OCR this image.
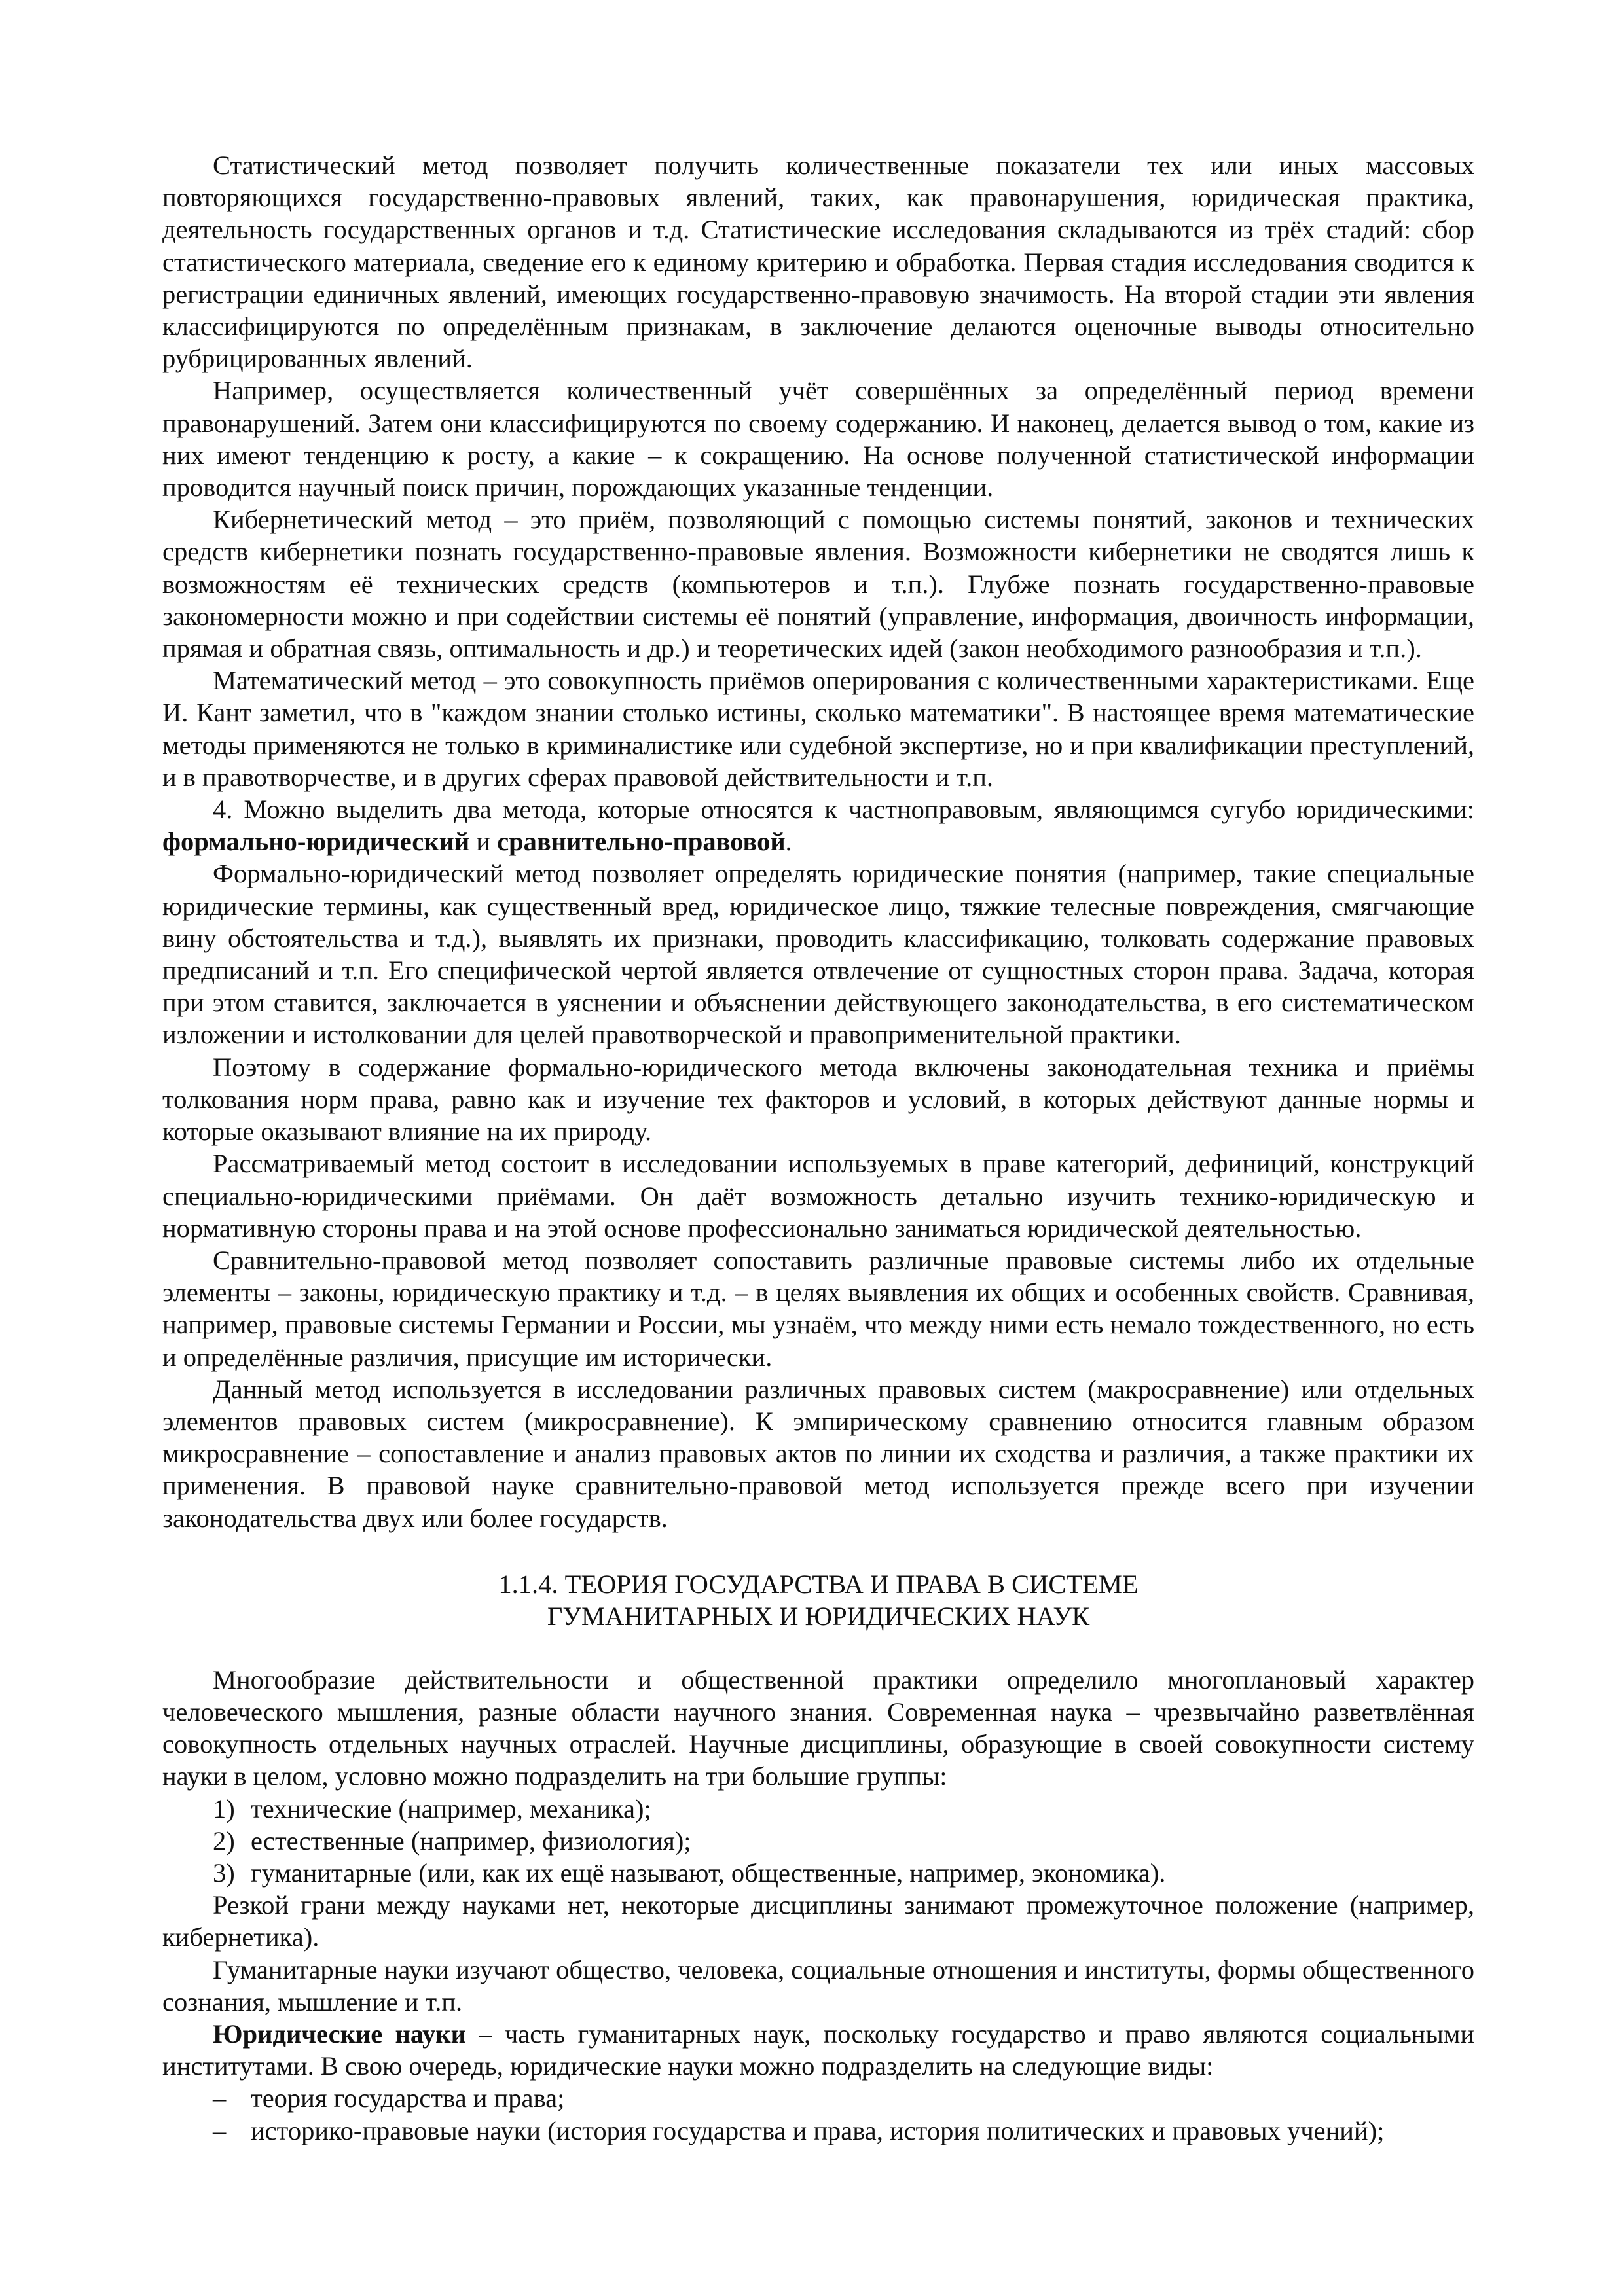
Статистический метод позволяет получить количественные показатели тех или иных массовых повторяющихся государственно-правовых явлений, таких, как правонарушения, юридическая практика, деятельность государственных органов и т.д. Статистические исследования складываются из трёх стадий: сбор статистического материала, сведение его к единому критерию и обработка. Первая стадия исследования сводится к регистрации единичных явлений, имеющих государственно-правовую значимость. На второй стадии эти явления классифицируются по определённым признакам, в заключение делаются оценочные выводы относительно рубрицированных явлений.

Например, осуществляется количественный учёт совершённых за определённый период времени правонарушений. Затем они классифицируются по своему содержанию. И наконец, делается вывод о том, какие из них имеют тенденцию к росту, а какие – к сокращению. На основе полученной статистической информации проводится научный поиск причин, порождающих указанные тенденции.

Кибернетический метод – это приём, позволяющий с помощью системы понятий, законов и технических средств кибернетики познать государственно-правовые явления. Возможности кибернетики не сводятся лишь к возможностям её технических средств (компьютеров и т.п.). Глубже познать государственно-правовые закономерности можно и при содействии системы её понятий (управление, информация, двоичность информации, прямая и обратная связь, оптимальность и др.) и теоретических идей (закон необходимого разнообразия и т.п.).

Математический метод – это совокупность приёмов оперирования с количественными характеристиками. Еще И. Кант заметил, что в "каждом знании столько истины, сколько математики". В настоящее время математические методы применяются не только в криминалистике или судебной экспертизе, но и при квалификации преступлений, и в правотворчестве, и в других сферах правовой действительности и т.п.

4. Можно выделить два метода, которые относятся к частноправовым, являющимся сугубо юридическими: формально-юридический и сравнительно-правовой.

Формально-юридический метод позволяет определять юридические понятия (например, такие специальные юридические термины, как существенный вред, юридическое лицо, тяжкие телесные повреждения, смягчающие вину обстоятельства и т.д.), выявлять их признаки, проводить классификацию, толковать содержание правовых предписаний и т.п. Его специфической чертой является отвлечение от сущностных сторон права. Задача, которая при этом ставится, заключается в уяснении и объяснении действующего законодательства, в его систематическом изложении и истолковании для целей правотворческой и правоприменительной практики.

Поэтому в содержание формально-юридического метода включены законодательная техника и приёмы толкования норм права, равно как и изучение тех факторов и условий, в которых действуют данные нормы и которые оказывают влияние на их природу.

Рассматриваемый метод состоит в исследовании используемых в праве категорий, дефиниций, конструкций специально-юридическими приёмами. Он даёт возможность детально изучить технико-юридическую и нормативную стороны права и на этой основе профессионально заниматься юридической деятельностью.

Сравнительно-правовой метод позволяет сопоставить различные правовые системы либо их отдельные элементы – законы, юридическую практику и т.д. – в целях выявления их общих и особенных свойств. Сравнивая, например, правовые системы Германии и России, мы узнаём, что между ними есть немало тождественного, но есть и определённые различия, присущие им исторически.

Данный метод используется в исследовании различных правовых систем (макросравнение) или отдельных элементов правовых систем (микросравнение). К эмпирическому сравнению относится главным образом микросравнение – сопоставление и анализ правовых актов по линии их сходства и различия, а также практики их применения. В правовой науке сравнительно-правовой метод используется прежде всего при изучении законодательства двух или более государств.

1.1.4. ТЕОРИЯ ГОСУДАРСТВА И ПРАВА В СИСТЕМЕ
ГУМАНИТАРНЫХ И ЮРИДИЧЕСКИХ НАУК

Многообразие действительности и общественной практики определило многоплановый характер человеческого мышления, разные области научного знания. Современная наука – чрезвычайно разветвлённая совокупность отдельных научных отраслей. Научные дисциплины, образующие в своей совокупности систему науки в целом, условно можно подразделить на три большие группы:

1) технические (например, механика);
2) естественные (например, физиология);
3) гуманитарные (или, как их ещё называют, общественные, например, экономика).

Резкой грани между науками нет, некоторые дисциплины занимают промежуточное положение (например, кибернетика).

Гуманитарные науки изучают общество, человека, социальные отношения и институты, формы общественного сознания, мышление и т.п.

Юридические науки – часть гуманитарных наук, поскольку государство и право являются социальными институтами. В свою очередь, юридические науки можно подразделить на следующие виды:

– теория государства и права;
– историко-правовые науки (история государства и права, история политических и правовых учений);
